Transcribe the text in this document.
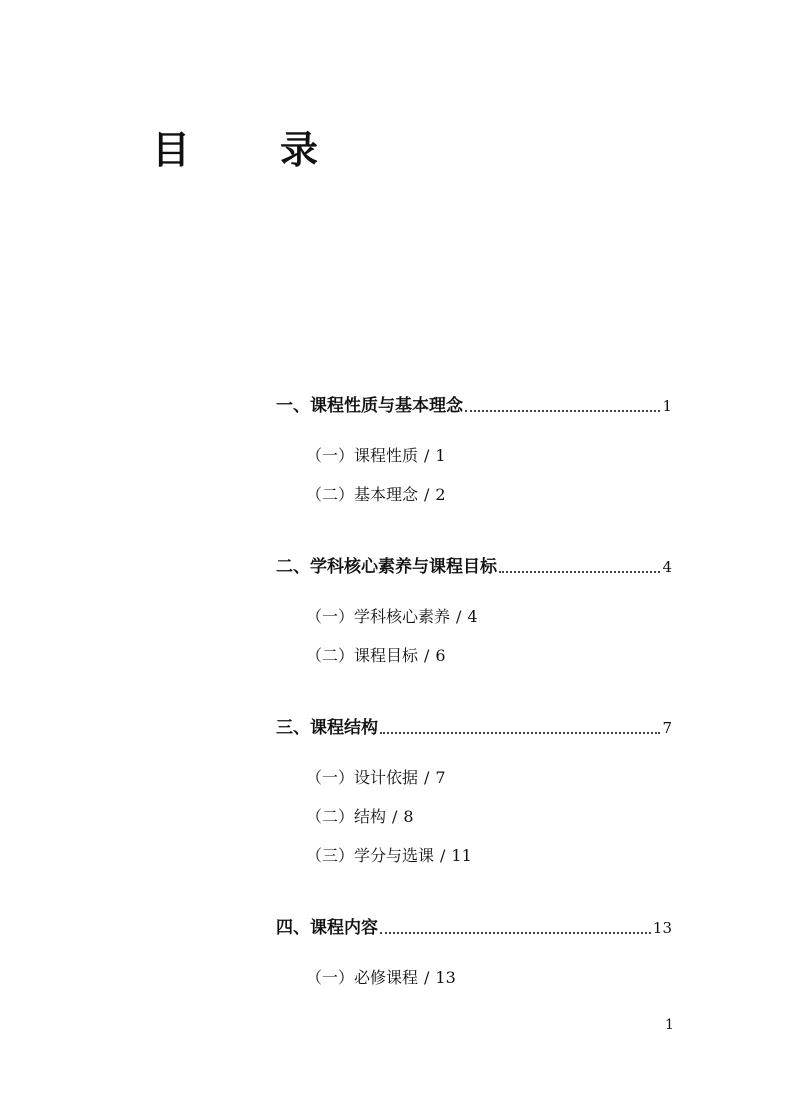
目　录
一、课程性质与基本理念	1
（一）课程性质 / 1
（二）基本理念 / 2
二、学科核心素养与课程目标	4
（一）学科核心素养 / 4
（二）课程目标 / 6
三、课程结构	7
（一）设计依据 / 7
（二）结构 / 8
（三）学分与选课 / 11
四、课程内容	13
（一）必修课程 / 13
1
